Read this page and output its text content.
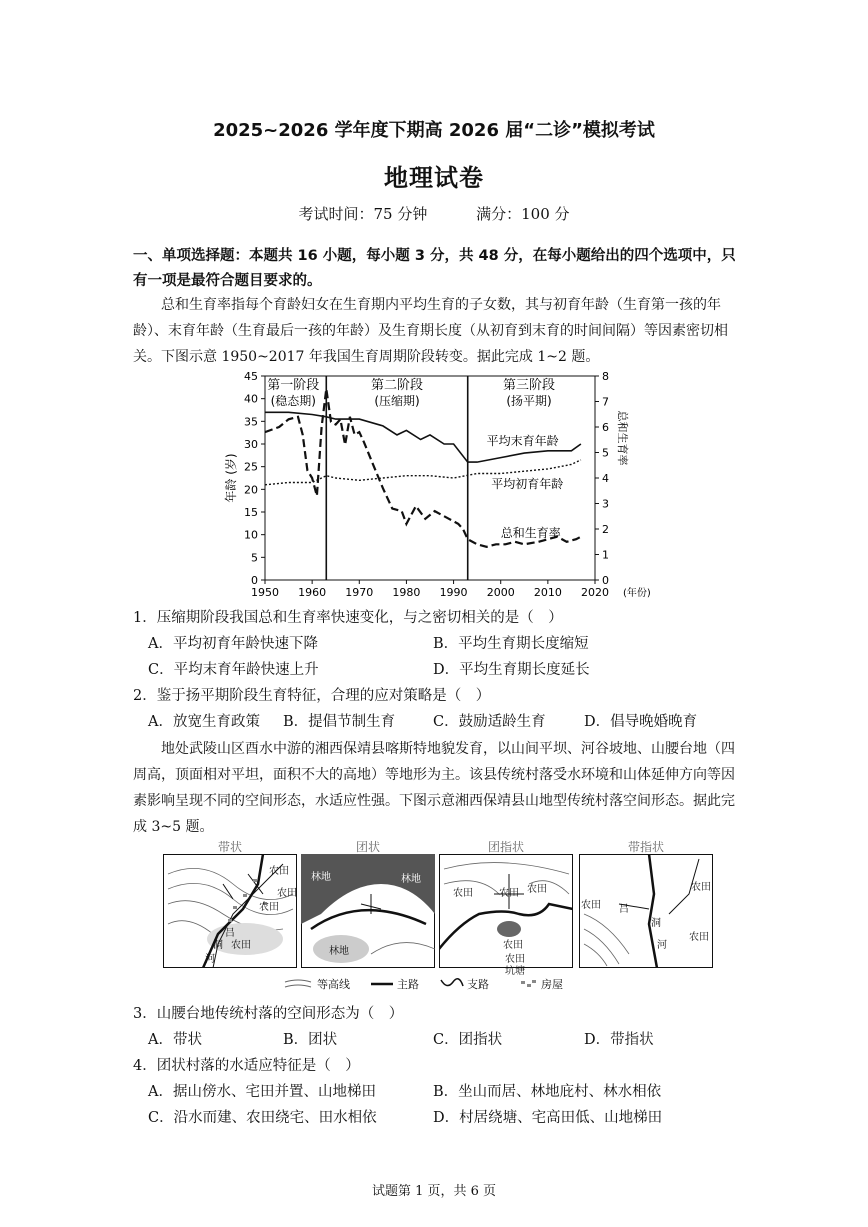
2025~2026 学年度下期高 2026 届“二诊”模拟考试
地理试卷
考试时间：75 分钟	满分：100 分
一、单项选择题：本题共 16 小题，每小题 3 分，共 48 分，在每小题给出的四个选项中，只有一项是最符合题目要求的。
总和生育率指每个育龄妇女在生育期内平均生育的子女数，其与初育年龄（生育第一孩的年龄）、末育年龄（生育最后一孩的年龄）及生育期长度（从初育到末育的时间间隔）等因素密切相关。下图示意 1950~2017 年我国生育周期阶段转变。据此完成 1~2 题。
0
5
10
15
20
25
30
35
40
45
0
1
2
3
4
5
6
7
8
1950 1960 1970 1980 1990 2000 2010 2020 (年份)
第一阶段
(稳态期)
第二阶段
(压缩期)
第三阶段
(扬平期)
平均末育年龄
平均初育年龄
总和生育率
年龄 (岁)
总和生育率
1．压缩期阶段我国总和生育率快速变化，与之密切相关的是（　）
A．平均初育年龄快速下降	B．平均生育期长度缩短
C．平均末育年龄快速上升	D．平均生育期长度延长
2．鉴于扬平期阶段生育特征，合理的应对策略是（　）
A．放宽生育政策 B．提倡节制生育	C．鼓励适龄生育	D．倡导晚婚晚育
地处武陵山区酉水中游的湘西保靖县喀斯特地貌发育，以山间平坝、河谷坡地、山腰台地（四周高，顶面相对平坦，面积不大的高地）等地形为主。该县传统村落受水环境和山体延伸方向等因素影响呈现不同的空间形态，水适应性强。下图示意湘西保靖县山地型传统村落空间形态。据此完成 3~5 题。
带状
农田
农田
农田
吕
洞
河
农田
团状
林地	林地
林地
团指状
农田	农田 农田
农田
农田
坑塘
带指状
农田
农田
吕
洞
河
农田
等高线	主路	支路	房屋
3．山腰台地传统村落的空间形态为（　）
A．带状	B．团状	C．团指状	D．带指状
4．团状村落的水适应特征是（　）
A．据山傍水、宅田并置、山地梯田	B．坐山而居、林地庇村、林水相依
C．沿水而建、农田绕宅、田水相依	D．村居绕塘、宅高田低、山地梯田
试题第 1 页，共 6 页
